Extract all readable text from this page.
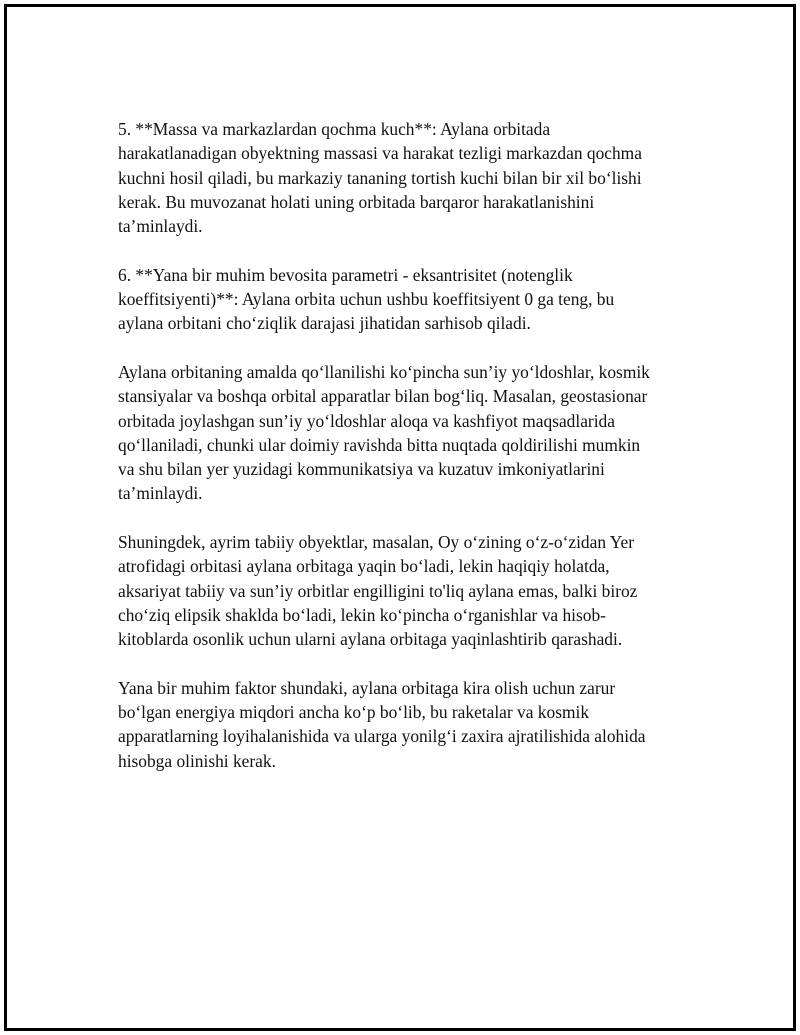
5. **Massa va markazlardan qochma kuch**: Aylana orbitada
harakatlanadigan obyektning massasi va harakat tezligi markazdan qochma
kuchni hosil qiladi, bu markaziy tananing tortish kuchi bilan bir xil bo‘lishi
kerak. Bu muvozanat holati uning orbitada barqaror harakatlanishini
ta’minlaydi.

6. **Yana bir muhim bevosita parametri - eksantrisitet (notenglik
koeffitsiyenti)**: Aylana orbita uchun ushbu koeffitsiyent 0 ga teng, bu
aylana orbitani cho‘ziqlik darajasi jihatidan sarhisob qiladi.

Aylana orbitaning amalda qo‘llanilishi ko‘pincha sun’iy yo‘ldoshlar, kosmik
stansiyalar va boshqa orbital apparatlar bilan bog‘liq. Masalan, geostasionar
orbitada joylashgan sun’iy yo‘ldoshlar aloqa va kashfiyot maqsadlarida
qo‘llaniladi, chunki ular doimiy ravishda bitta nuqtada qoldirilishi mumkin
va shu bilan yer yuzidagi kommunikatsiya va kuzatuv imkoniyatlarini
ta’minlaydi.

Shuningdek, ayrim tabiiy obyektlar, masalan, Oy o‘zining o‘z-o‘zidan Yer
atrofidagi orbitasi aylana orbitaga yaqin bo‘ladi, lekin haqiqiy holatda,
aksariyat tabiiy va sun’iy orbitlar engilligini to'liq aylana emas, balki biroz
cho‘ziq elipsik shaklda bo‘ladi, lekin ko‘pincha o‘rganishlar va hisob-
kitoblarda osonlik uchun ularni aylana orbitaga yaqinlashtirib qarashadi.

Yana bir muhim faktor shundaki, aylana orbitaga kira olish uchun zarur
bo‘lgan energiya miqdori ancha ko‘p bo‘lib, bu raketalar va kosmik
apparatlarning loyihalanishida va ularga yonilg‘i zaxira ajratilishida alohida
hisobga olinishi kerak.
